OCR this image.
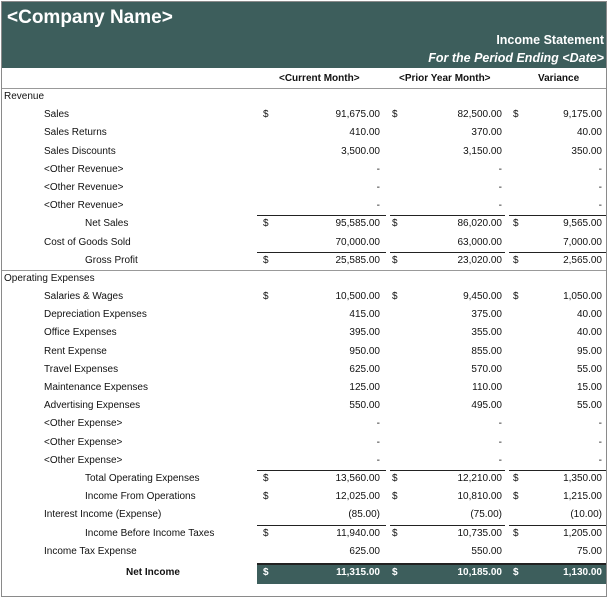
<Company Name>
Income Statement
For the Period Ending <Date>
<Current Month>	<Prior Year Month>	Variance
Revenue
Sales	$	91,675.00 $	82,500.00 $	9,175.00
Sales Returns	410.00	370.00	40.00
Sales Discounts	3,500.00	3,150.00	350.00
<Other Revenue>	-	-	-
<Other Revenue>	-	-	-
<Other Revenue>	-	-	-
Net Sales	$	95,585.00 $	86,020.00 $	9,565.00
Cost of Goods Sold	70,000.00	63,000.00	7,000.00
Gross Profit	$	25,585.00 $	23,020.00 $	2,565.00
Operating Expenses
Salaries & Wages	$	10,500.00 $	9,450.00 $	1,050.00
Depreciation Expenses	415.00	375.00	40.00
Office Expenses	395.00	355.00	40.00
Rent Expense	950.00	855.00	95.00
Travel Expenses	625.00	570.00	55.00
Maintenance Expenses	125.00	110.00	15.00
Advertising Expenses	550.00	495.00	55.00
<Other Expense>	-	-	-
<Other Expense>	-	-	-
<Other Expense>	-	-	-
Total Operating Expenses	$	13,560.00 $	12,210.00 $	1,350.00
Income From Operations	$	12,025.00 $	10,810.00 $	1,215.00
Interest Income (Expense)	(85.00)	(75.00)	(10.00)
Income Before Income Taxes	$	11,940.00 $	10,735.00 $	1,205.00
Income Tax Expense	625.00	550.00	75.00
Net Income	$	11,315.00 $	10,185.00 $	1,130.00
